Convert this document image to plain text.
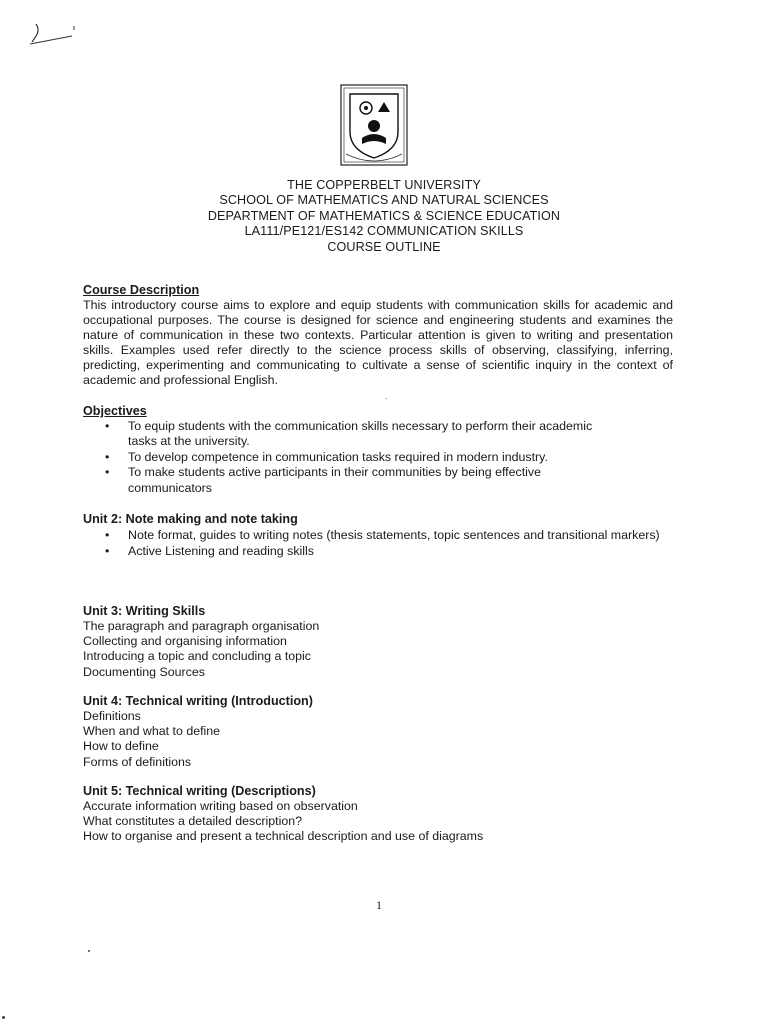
THE COPPERBELT UNIVERSITY
SCHOOL OF MATHEMATICS AND NATURAL SCIENCES
DEPARTMENT OF MATHEMATICS & SCIENCE EDUCATION
LA111/PE121/ES142 COMMUNICATION SKILLS
COURSE OUTLINE
Course Description

This introductory course aims to explore and equip students with communication skills for academic and occupational purposes. The course is designed for science and engineering students and examines the nature of communication in these two contexts. Particular attention is given to writing and presentation skills. Examples used refer directly to the science process skills of observing, classifying, inferring, predicting, experimenting and communicating to cultivate a sense of scientific inquiry in the context of academic and professional English.

Objectives
• To equip students with the communication skills necessary to perform their academic tasks at the university.
• To develop competence in communication tasks required in modern industry.
• To make students active participants in their communities by being effective communicators
Unit 2: Note making and note taking
• Note format, guides to writing notes (thesis statements, topic sentences and transitional markers)
• Active Listening and reading skills
Unit 3: Writing Skills
The paragraph and paragraph organisation
Collecting and organising information
Introducing a topic and concluding a topic
Documenting Sources
Unit 4: Technical writing (Introduction)
Definitions
When and what to define
How to define
Forms of definitions
Unit 5: Technical writing (Descriptions)
Accurate information writing based on observation
What constitutes a detailed description?
How to organise and present a technical description and use of diagrams
1
